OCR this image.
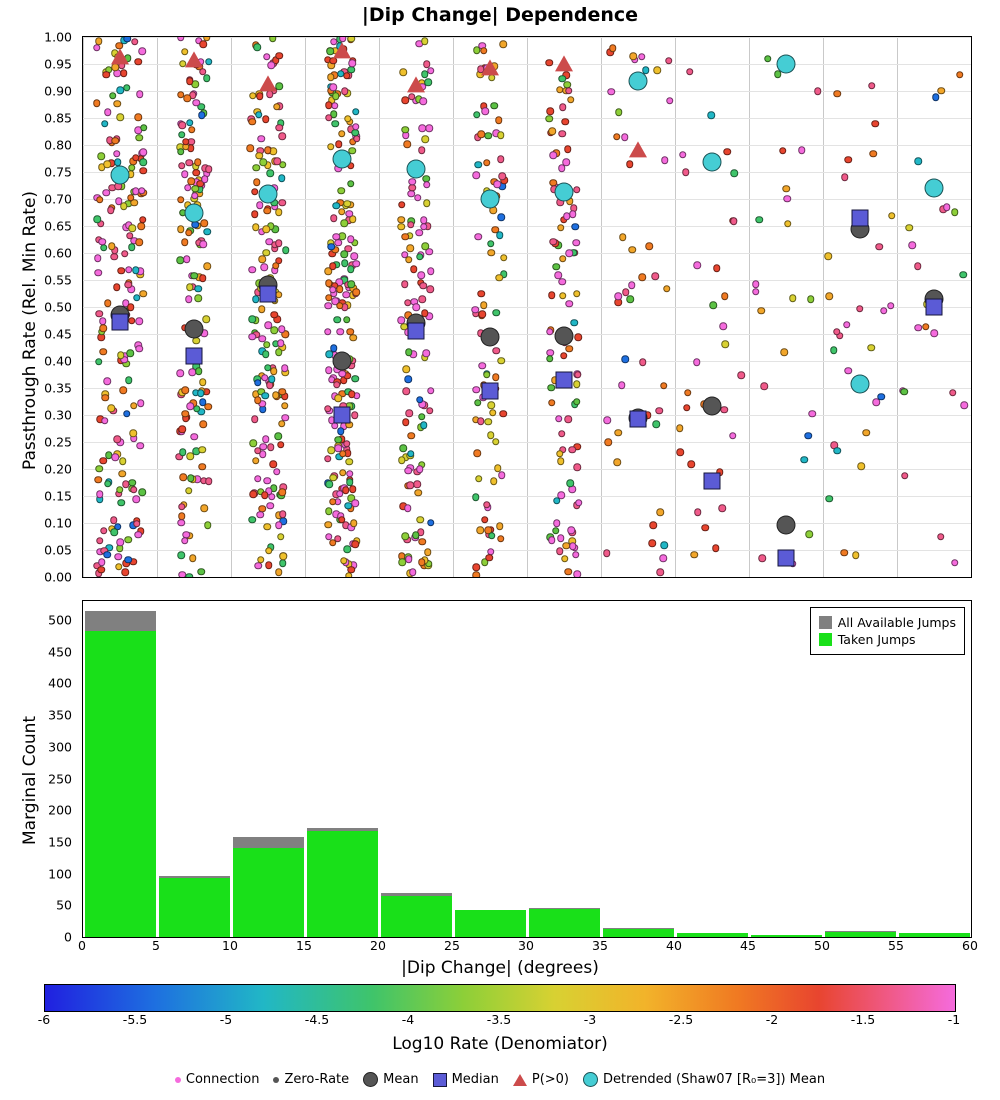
|Dip Change| Dependence
Passthrough Rate (Rel. Min Rate)
0.00
0.05
0.10
0.15
0.20
0.25
0.30
0.35
0.40
0.45
0.50
0.55
0.60
0.65
0.70
0.75
0.80
0.85
0.90
0.95
1.00
Marginal Count
0
50
100
150
200
250
300
350
400
450
500	All Available Jumps
Taken Jumps
0	5	10	15	20	25	30	35	40	45	50	55	60
|Dip Change| (degrees)
-6	-5.5	-5	-4.5	-4	-3.5	-3	-2.5	-2	-1.5	-1
Log10 Rate (Denomiator)
Connection Zero-Rate	Mean	Median	P(>0)	Detrended (Shaw07 [R₀=3]) Mean
